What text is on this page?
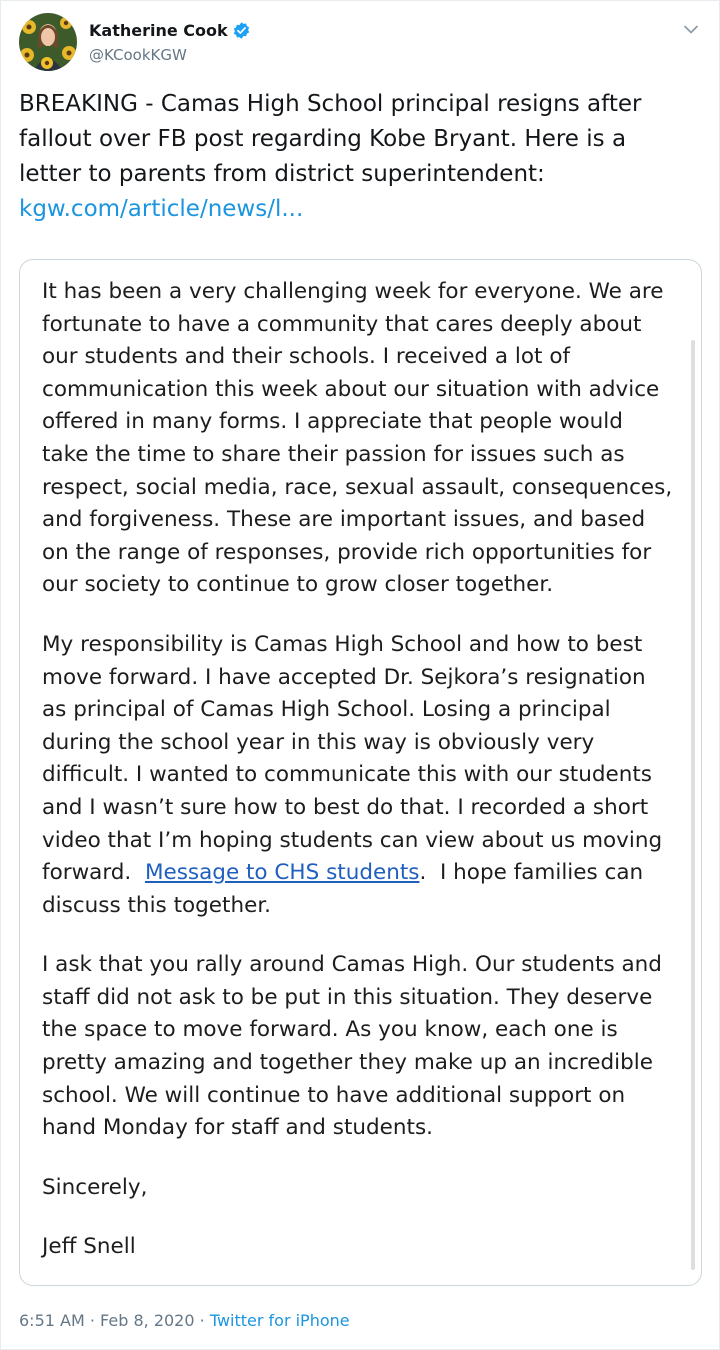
Katherine Cook
@KCookKGW
BREAKING - Camas High School principal resigns after
fallout over FB post regarding Kobe Bryant. Here is a
letter to parents from district superintendent:
kgw.com/article/news/l...
It has been a very challenging week for everyone. We are
fortunate to have a community that cares deeply about
our students and their schools. I received a lot of
communication this week about our situation with advice
offered in many forms. I appreciate that people would
take the time to share their passion for issues such as
respect, social media, race, sexual assault, consequences,
and forgiveness. These are important issues, and based
on the range of responses, provide rich opportunities for
our society to continue to grow closer together.
My responsibility is Camas High School and how to best
move forward. I have accepted Dr. Sejkora’s resignation
as principal of Camas High School. Losing a principal
during the school year in this way is obviously very
difficult. I wanted to communicate this with our students
and I wasn’t sure how to best do that. I recorded a short
video that I’m hoping students can view about us moving
forward.  Message to CHS students.  I hope families can
discuss this together.
I ask that you rally around Camas High. Our students and
staff did not ask to be put in this situation. They deserve
the space to move forward. As you know, each one is
pretty amazing and together they make up an incredible
school. We will continue to have additional support on
hand Monday for staff and students.
Sincerely,
Jeff Snell
6:51 AM · Feb 8, 2020 · Twitter for iPhone
